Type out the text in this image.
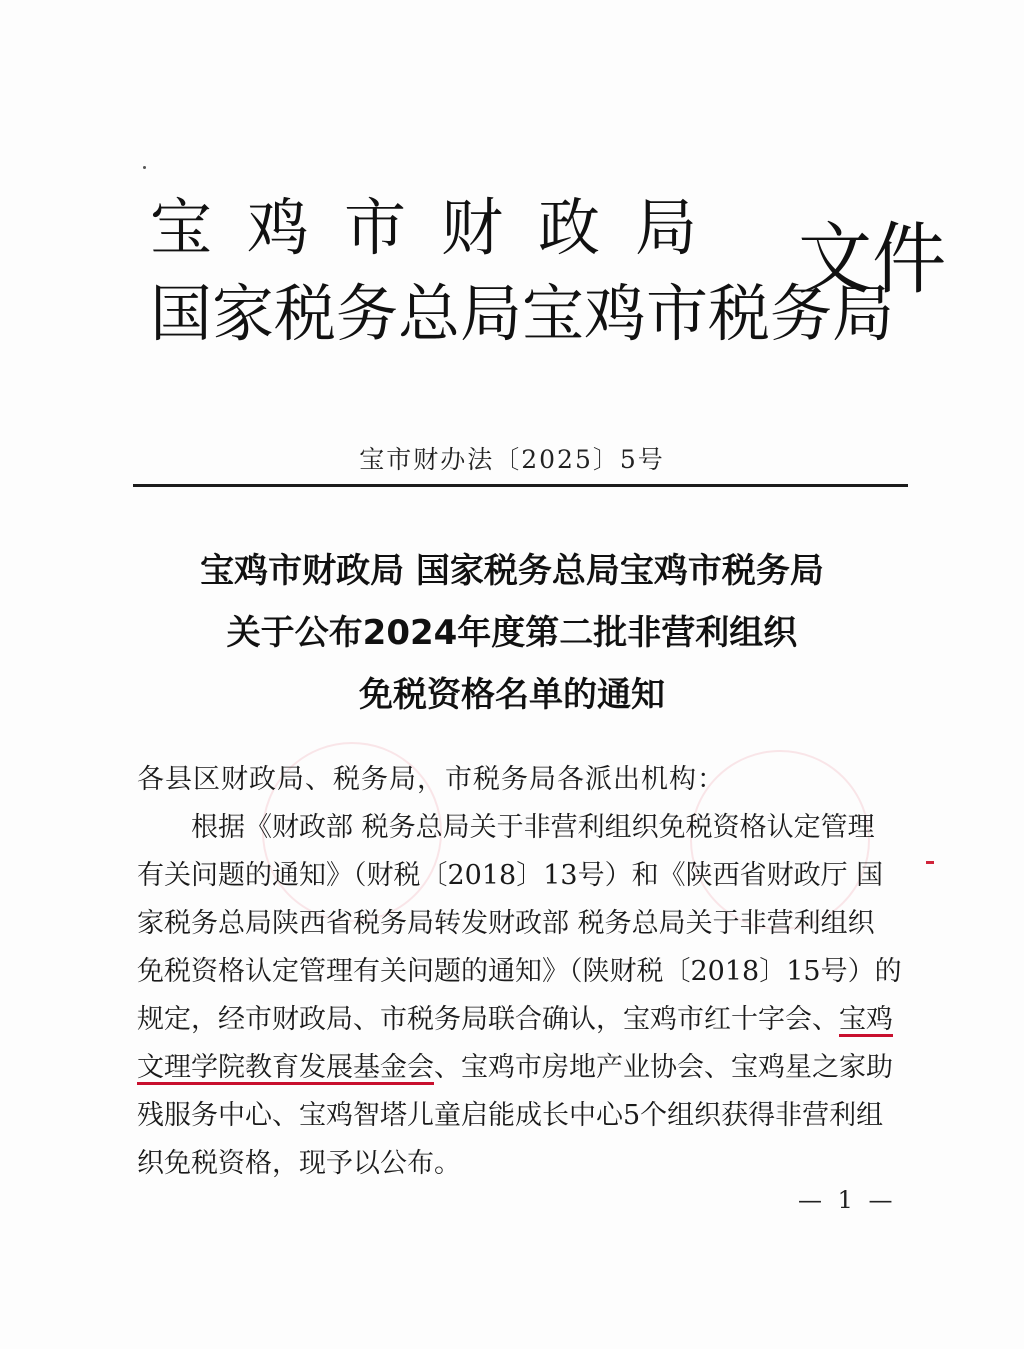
宝鸡市财政局
国家税务总局宝鸡市税务局
文件
宝市财办法〔2025〕5号
宝鸡市财政局 国家税务总局宝鸡市税务局
关于公布2024年度第二批非营利组织
免税资格名单的通知
各县区财政局、税务局，市税务局各派出机构：
根据《财政部 税务总局关于非营利组织免税资格认定管理
有关问题的通知》（财税〔2018〕13号）和《陕西省财政厅 国
家税务总局陕西省税务局转发财政部 税务总局关于非营利组织
免税资格认定管理有关问题的通知》（陕财税〔2018〕15号）的
规定，经市财政局、市税务局联合确认，宝鸡市红十字会、宝鸡
文理学院教育发展基金会、宝鸡市房地产业协会、宝鸡星之家助
残服务中心、宝鸡智塔儿童启能成长中心5个组织获得非营利组
织免税资格，现予以公布。
— 1 —
